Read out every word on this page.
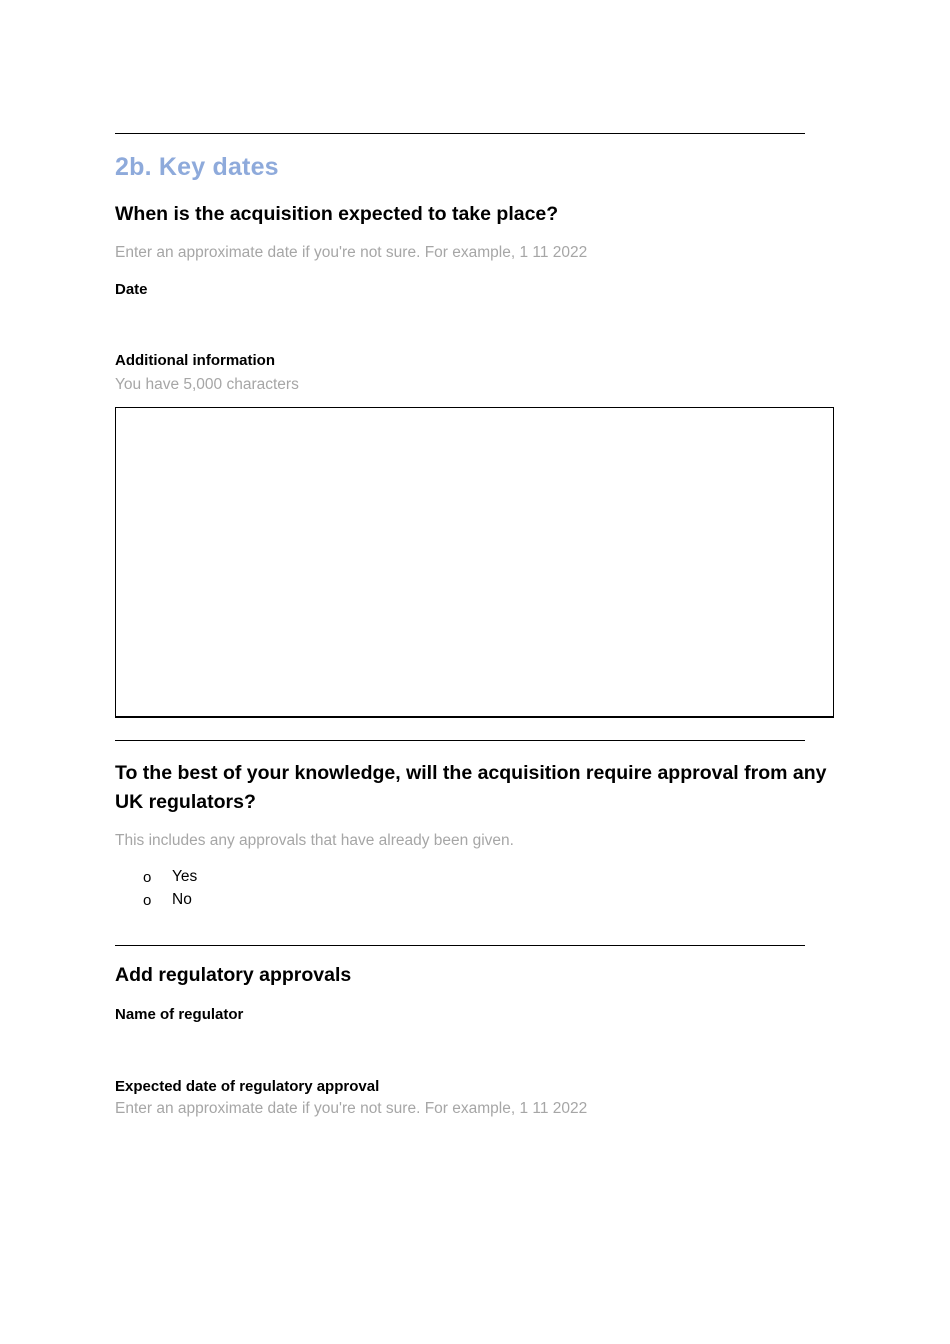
2b. Key dates
When is the acquisition expected to take place?
Enter an approximate date if you're not sure. For example, 1 11 2022
Date
Additional information
You have 5,000 characters
To the best of your knowledge, will the acquisition require approval from any
UK regulators?
This includes any approvals that have already been given.
o	Yes
o	No
Add regulatory approvals
Name of regulator
Expected date of regulatory approval
Enter an approximate date if you're not sure. For example, 1 11 2022
